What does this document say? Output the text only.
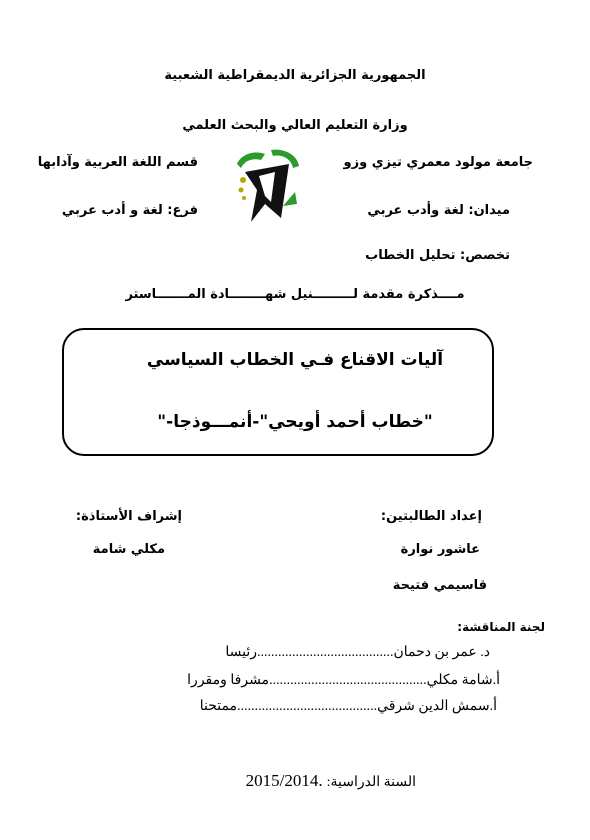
الجمهورية الجزائرية الديمقراطية الشعبية
وزارة التعليم العالي والبحث العلمي
جامعة مولود معمري تيزي وزو
قسم اللغة العربية وآدابها
ميدان: لغة وأدب عربي
فرع: لغة و أدب عربي
تخصص: تحليل الخطاب
مــــذكرة مقدمة لـــــــــنيل شهــــــــادة المـــــــاستر
آليات الاقناع فـي الخطاب السياسي
"خطاب أحمد أويحي"-أنمـــوذجا-"
إعداد الطالبتين:
إشراف الأستاذة:
عاشور نوارة
مكلي شامة
قاسيمي فتيحة
لجنة المناقشة:
د. عمر بن دحمان.......................................رئيسا
أ.شامة مكلي.............................................مشرفا ومقررا
أ.سمش الدين شرقي........................................ممتحنا
السنة الدراسية: 2015/2014.
